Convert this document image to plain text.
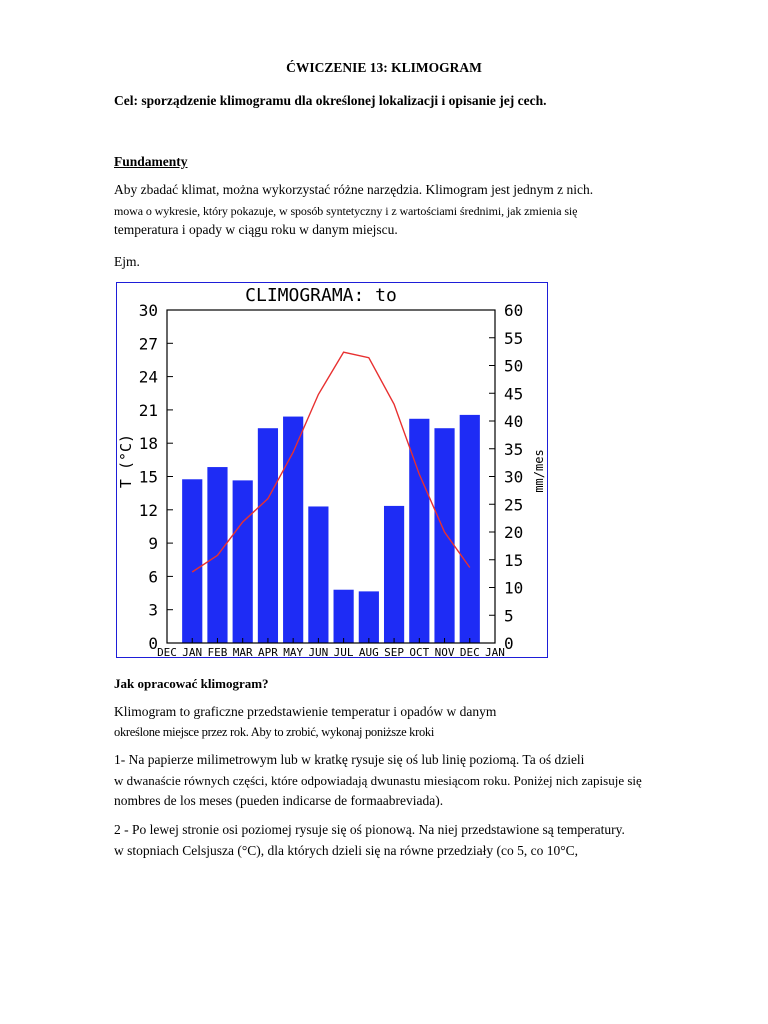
ĆWICZENIE 13: KLIMOGRAM
Cel: sporządzenie klimogramu dla określonej lokalizacji i opisanie jej cech.
Fundamenty
Aby zbadać klimat, można wykorzystać różne narzędzia. Klimogram jest jednym z nich.
mowa o wykresie, który pokazuje, w sposób syntetyczny i z wartościami średnimi, jak zmienia się
temperatura i opady w ciągu roku w danym miejscu.
Ejm.
0
3
6
9
12
15
18
21
24
27
30
0
5
10
15
20
25
30
35
40
45
50
55
60
DEC JAN FEB MAR APR MAY JUN JUL AUG SEP OCT NOV DEC JAN
CLIMOGRAMA: to
T (°C)	mm/mes
Jak opracować klimogram?
Klimogram to graficzne przedstawienie temperatur i opadów w danym
określone miejsce przez rok. Aby to zrobić, wykonaj poniższe kroki
1- Na papierze milimetrowym lub w kratkę rysuje się oś lub linię poziomą. Ta oś dzieli
w dwanaście równych części, które odpowiadają dwunastu miesiącom roku. Poniżej nich zapisuje się
nombres de los meses (pueden indicarse de formaabreviada).
2 - Po lewej stronie osi poziomej rysuje się oś pionową. Na niej przedstawione są temperatury.
w stopniach Celsjusza (°C), dla których dzieli się na równe przedziały (co 5, co 10°C,
